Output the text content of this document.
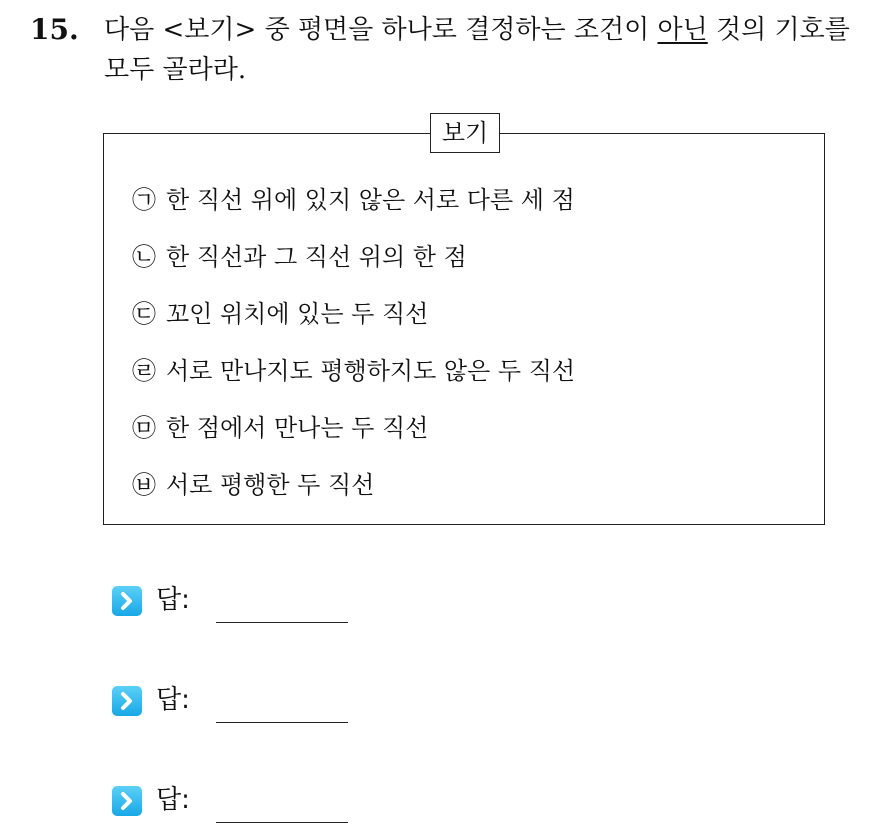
15. 다음 <보기> 중 평면을 하나로 결정하는 조건이 아닌 것의 기호를 모두 골라라.
보기
㉠ 한 직선 위에 있지 않은 서로 다른 세 점
㉡ 한 직선과 그 직선 위의 한 점
㉢ 꼬인 위치에 있는 두 직선
㉣ 서로 만나지도 평행하지도 않은 두 직선
㉤ 한 점에서 만나는 두 직선
㉥ 서로 평행한 두 직선
답:
답:
답:
